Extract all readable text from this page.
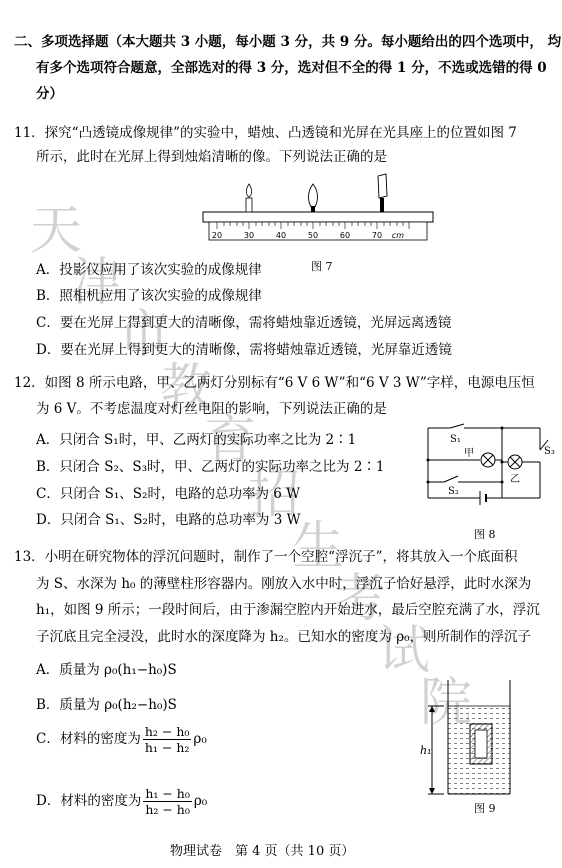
二、多项选择题（本大题共 3 小题，每小题 3 分，共 9 分。每小题给出的四个选项中， 均
有多个选项符合题意，全部选对的得 3 分，选对但不全的得 1 分，不选或选错的得 0
分）
11．探究“凸透镜成像规律”的实验中，蜡烛、凸透镜和光屏在光具座上的位置如图 7
所示，此时在光屏上得到烛焰清晰的像。下列说法正确的是
20	30	40	50	60	70 cm
图 7
A．投影仪应用了该次实验的成像规律
B．照相机应用了该次实验的成像规律
C．要在光屏上得到更大的清晰像，需将蜡烛靠近透镜，光屏远离透镜
D．要在光屏上得到更大的清晰像，需将蜡烛靠近透镜，光屏靠近透镜
12．如图 8 所示电路，甲、乙两灯分别标有“6 V 6 W”和“6 V 3 W”字样，电源电压恒
为 6 V。不考虑温度对灯丝电阻的影响，下列说法正确的是
A．只闭合 S₁时，甲、乙两灯的实际功率之比为 2∶1
B．只闭合 S₂、S₃时，甲、乙两灯的实际功率之比为 2∶1
C．只闭合 S₁、S₂时，电路的总功率为 6 W
D．只闭合 S₁、S₂时，电路的总功率为 3 W
S₁
S₃
S₂
甲
乙
图 8
13．小明在研究物体的浮沉问题时，制作了一个空腔“浮沉子”，将其放入一个底面积
为 S、水深为 h₀ 的薄壁柱形容器内。刚放入水中时，浮沉子恰好悬浮，此时水深为
h₁，如图 9 所示；一段时间后，由于渗漏空腔内开始进水，最后空腔充满了水，浮沉
子沉底且完全浸没，此时水的深度降为 h₂。已知水的密度为 ρ₀，则所制作的浮沉子
A．质量为 ρ₀(h₁−h₀)S
B．质量为 ρ₀(h₂−h₀)S
C．材料的密度为 $\frac{\text{h₂ − h₀}}{\text{h₁ − h₂}} \rho_0$
D．材料的密度为 $\frac{\text{h₁ − h₀}}{\text{h₂ − h₀}} \rho_0$
h₁
图 9
物理试卷　第 4 页（共 10 页）
天
津
市
教
育
招
生
考
试
院
